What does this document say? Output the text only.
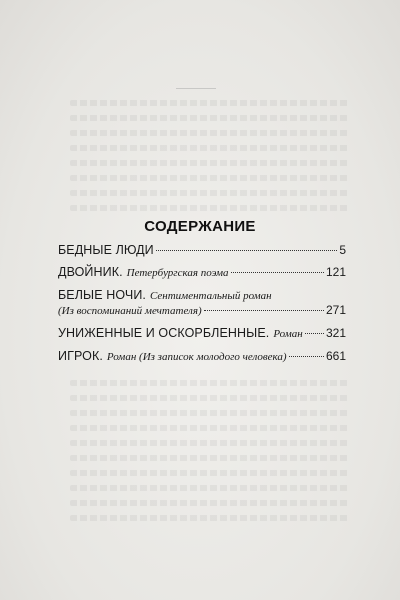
СОДЕРЖАНИЕ
БЕДНЫЕ ЛЮДИ	5
ДВОЙНИК. Петербургская поэма	121
БЕЛЫЕ НОЧИ. Сентиментальный роман
(Из воспоминаний мечтателя)	271
УНИЖЕННЫЕ И ОСКОРБЛЕННЫЕ. Роман 321
ИГРОК. Роман (Из записок молодого человека)	661
